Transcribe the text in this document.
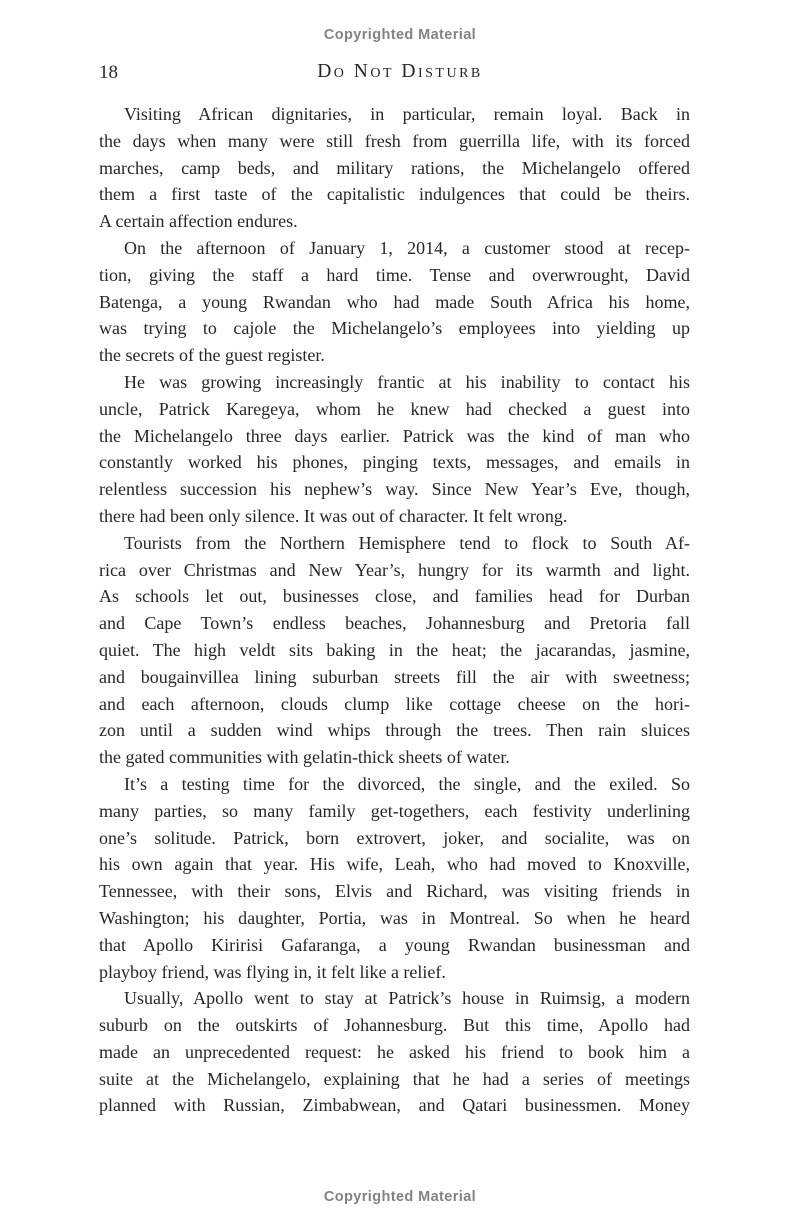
Copyrighted Material
18	Do Not Disturb
Visiting African dignitaries, in particular, remain loyal. Back in
the days when many were still fresh from guerrilla life, with its forced
marches, camp beds, and military rations, the Michelangelo offered
them a first taste of the capitalistic indulgences that could be theirs.
A certain affection endures.
On the afternoon of January 1, 2014, a customer stood at recep-
tion, giving the staff a hard time. Tense and overwrought, David
Batenga, a young Rwandan who had made South Africa his home,
was trying to cajole the Michelangelo’s employees into yielding up
the secrets of the guest register.
He was growing increasingly frantic at his inability to contact his
uncle, Patrick Karegeya, whom he knew had checked a guest into
the Michelangelo three days earlier. Patrick was the kind of man who
constantly worked his phones, pinging texts, messages, and emails in
relentless succession his nephew’s way. Since New Year’s Eve, though,
there had been only silence. It was out of character. It felt wrong.
Tourists from the Northern Hemisphere tend to flock to South Af-
rica over Christmas and New Year’s, hungry for its warmth and light.
As schools let out, businesses close, and families head for Durban
and Cape Town’s endless beaches, Johannesburg and Pretoria fall
quiet. The high veldt sits baking in the heat; the jacarandas, jasmine,
and bougainvillea lining suburban streets fill the air with sweetness;
and each afternoon, clouds clump like cottage cheese on the hori-
zon until a sudden wind whips through the trees. Then rain sluices
the gated communities with gelatin-thick sheets of water.
It’s a testing time for the divorced, the single, and the exiled. So
many parties, so many family get-togethers, each festivity underlining
one’s solitude. Patrick, born extrovert, joker, and socialite, was on
his own again that year. His wife, Leah, who had moved to Knoxville,
Tennessee, with their sons, Elvis and Richard, was visiting friends in
Washington; his daughter, Portia, was in Montreal. So when he heard
that Apollo Kiririsi Gafaranga, a young Rwandan businessman and
playboy friend, was flying in, it felt like a relief.
Usually, Apollo went to stay at Patrick’s house in Ruimsig, a modern
suburb on the outskirts of Johannesburg. But this time, Apollo had
made an unprecedented request: he asked his friend to book him a
suite at the Michelangelo, explaining that he had a series of meetings
planned with Russian, Zimbabwean, and Qatari businessmen. Money
Copyrighted Material
